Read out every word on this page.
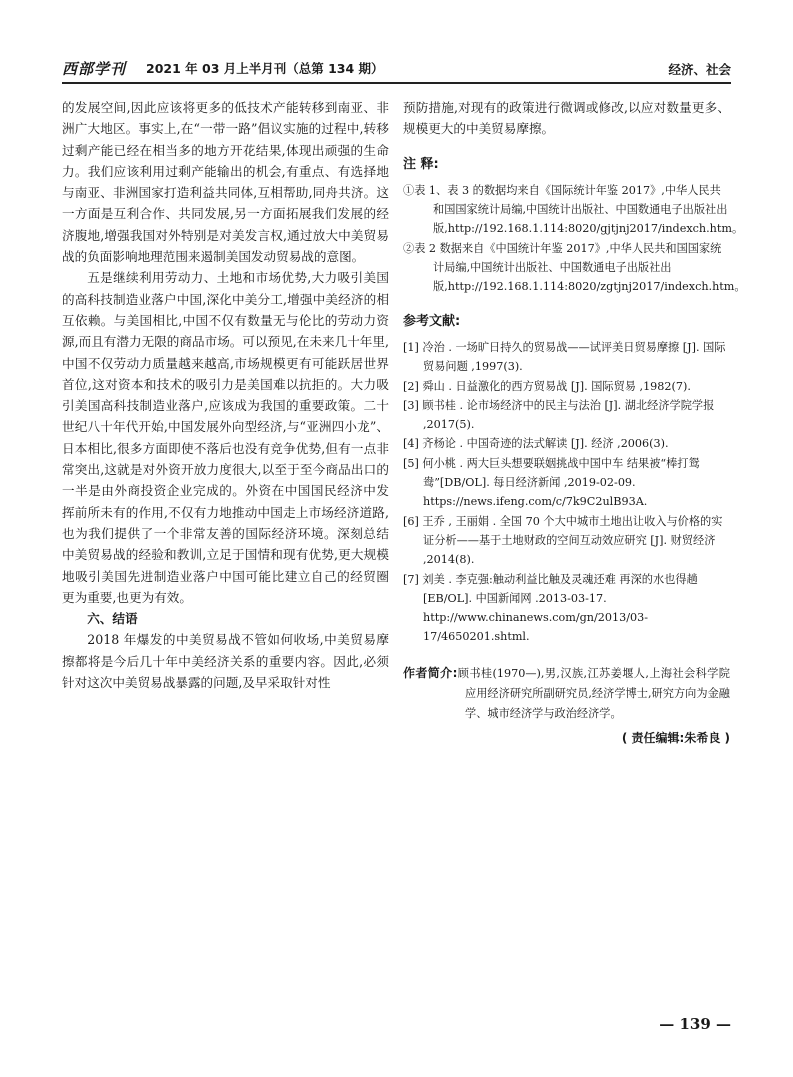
西部学刊 2021 年 03 月上半月刊（总第 134 期）	经济、社会

的发展空间,因此应该将更多的低技术产能转移到南亚、非洲广大地区。事实上,在“一带一路”倡议实施的过程中,转移过剩产能已经在相当多的地方开花结果,体现出顽强的生命力。我们应该利用过剩产能输出的机会,有重点、有选择地与南亚、非洲国家打造利益共同体,互相帮助,同舟共济。这一方面是互利合作、共同发展,另一方面拓展我们发展的经济腹地,增强我国对外特别是对美发言权,通过放大中美贸易战的负面影响地理范围来遏制美国发动贸易战的意图。

五是继续利用劳动力、土地和市场优势,大力吸引美国的高科技制造业落户中国,深化中美分工,增强中美经济的相互依赖。与美国相比,中国不仅有数量无与伦比的劳动力资源,而且有潜力无限的商品市场。可以预见,在未来几十年里,中国不仅劳动力质量越来越高,市场规模更有可能跃居世界首位,这对资本和技术的吸引力是美国难以抗拒的。大力吸引美国高科技制造业落户,应该成为我国的重要政策。二十世纪八十年代开始,中国发展外向型经济,与“亚洲四小龙”、日本相比,很多方面即使不落后也没有竞争优势,但有一点非常突出,这就是对外资开放力度很大,以至于至今商品出口的一半是由外商投资企业完成的。外资在中国国民经济中发挥前所未有的作用,不仅有力地推动中国走上市场经济道路,也为我们提供了一个非常友善的国际经济环境。深刻总结中美贸易战的经验和教训,立足于国情和现有优势,更大规模地吸引美国先进制造业落户中国可能比建立自己的经贸圈更为重要,也更为有效。

六、结语

2018 年爆发的中美贸易战不管如何收场,中美贸易摩擦都将是今后几十年中美经济关系的重要内容。因此,必须针对这次中美贸易战暴露的问题,及早采取针对性

预防措施,对现有的政策进行微调或修改,以应对数量更多、规模更大的中美贸易摩擦。

注 释:
①表 1、表 3 的数据均来自《国际统计年鉴 2017》,中华人民共和国国家统计局编,中国统计出版社、中国数通电子出版社出版,http://192.168.1.114:8020/gjtjnj2017/indexch.htm。
②表 2 数据来自《中国统计年鉴 2017》,中华人民共和国国家统计局编,中国统计出版社、中国数通电子出版社出版,http://192.168.1.114:8020/zgtjnj2017/indexch.htm。
参考文献:
[1] 冷治 . 一场旷日持久的贸易战——试评美日贸易摩擦 [J]. 国际贸易问题 ,1997(3).
[2] 舜山 . 日益激化的西方贸易战 [J]. 国际贸易 ,1982(7).
[3] 顾书桂 . 论市场经济中的民主与法治 [J]. 湖北经济学院学报 ,2017(5).
[4] 齐杨论 . 中国奇迹的法式解读 [J]. 经济 ,2006(3).
[5] 何小桃 . 两大巨头想要联姻挑战中国中车 结果被“棒打鸳鸯”[DB/OL]. 每日经济新闻 ,2019-02-09. https://news.ifeng.com/c/7k9C2ulB93A.
[6] 王乔 , 王丽娟 . 全国 70 个大中城市土地出让收入与价格的实证分析——基于土地财政的空间互动效应研究 [J]. 财贸经济 ,2014(8).
[7] 刘美 . 李克强:触动利益比触及灵魂还难 再深的水也得趟 [EB/OL]. 中国新闻网 .2013-03-17. http://www.chinanews.com/gn/2013/03-17/4650201.shtml.
作者简介:顾书桂(1970—),男,汉族,江苏姜堰人,上海社会科学院应用经济研究所副研究员,经济学博士,研究方向为金融学、城市经济学与政治经济学。
( 责任编辑:朱希良 )
— 139 —
